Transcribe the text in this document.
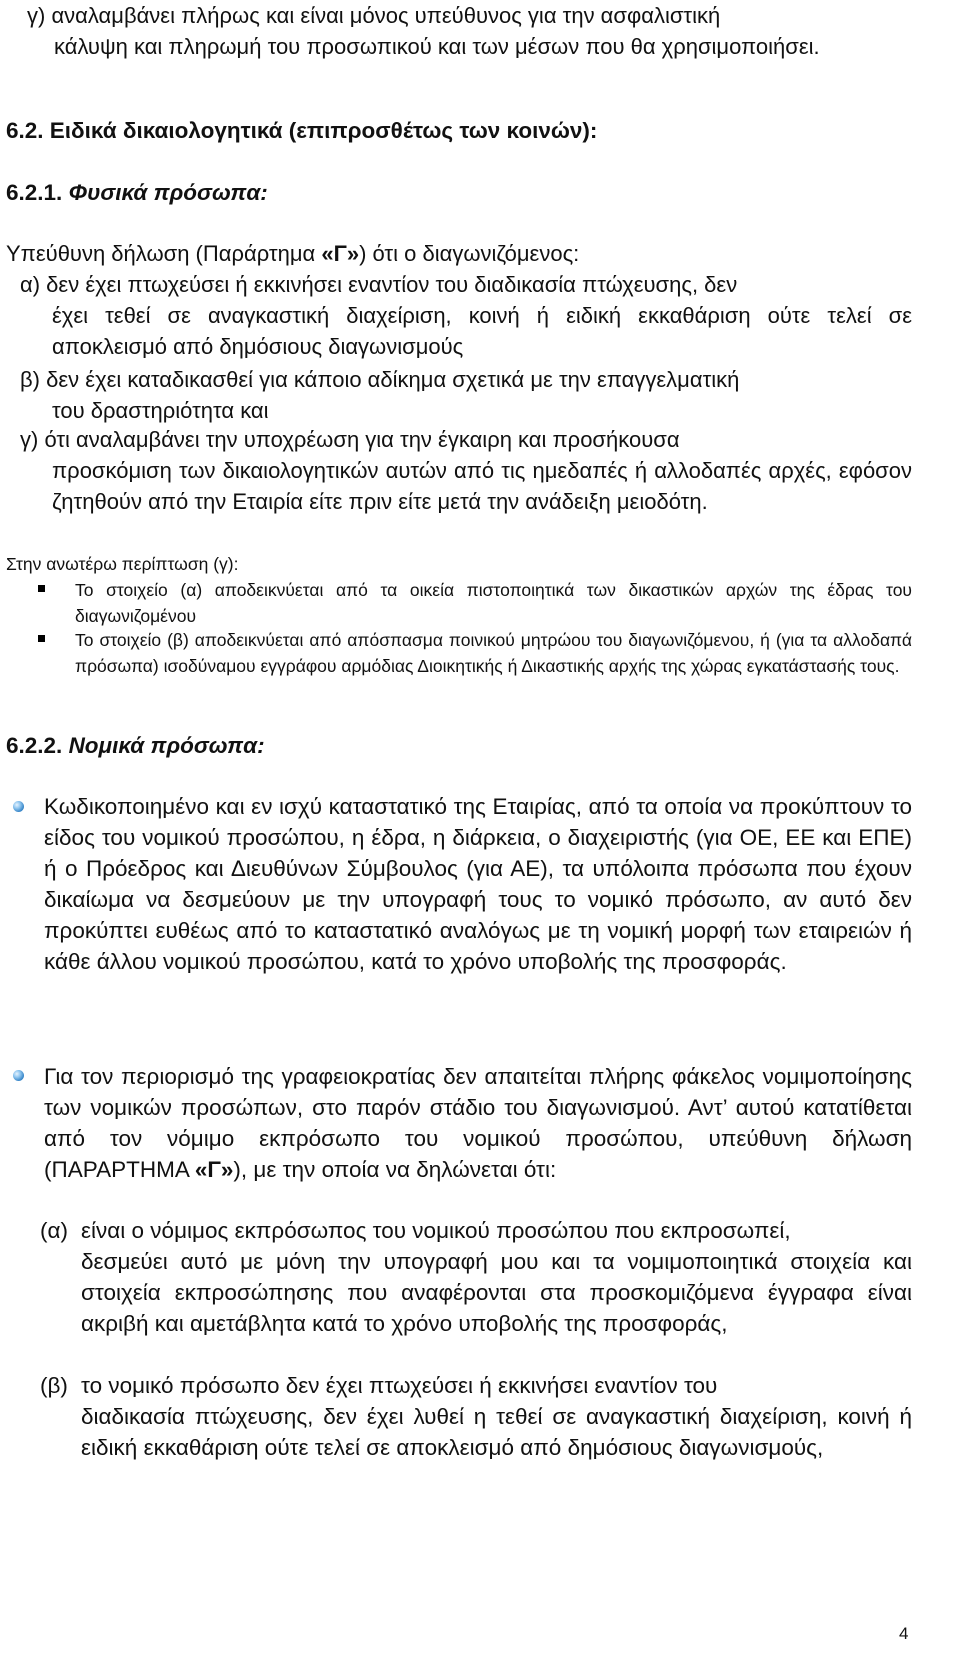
γ) αναλαμβάνει πλήρως και είναι μόνος υπεύθυνος για την ασφαλιστική

κάλυψη και πληρωμή του προσωπικού και των μέσων που θα χρησιμοποιήσει.

6.2. Ειδικά δικαιολογητικά (επιπροσθέτως των κοινών):

6.2.1. Φυσικά πρόσωπα:

Υπεύθυνη δήλωση (Παράρτημα «Γ») ότι ο διαγωνιζόμενος:

α) δεν έχει πτωχεύσει ή εκκινήσει εναντίον του διαδικασία πτώχευσης, δεν

έχει τεθεί σε αναγκαστική διαχείριση, κοινή ή ειδική εκκαθάριση ούτε τελεί σε αποκλεισμό από δημόσιους διαγωνισμούς

β) δεν έχει καταδικασθεί για κάποιο αδίκημα σχετικά με την επαγγελματική

του δραστηριότητα και

γ) ότι αναλαμβάνει την υποχρέωση για την έγκαιρη και προσήκουσα

προσκόμιση των δικαιολογητικών αυτών από τις ημεδαπές ή αλλοδαπές αρχές, εφόσον ζητηθούν από την Εταιρία είτε πριν είτε μετά την ανάδειξη μειοδότη.

Στην ανωτέρω περίπτωση (γ):

Το στοιχείο (α) αποδεικνύεται από τα οικεία πιστοποιητικά των δικαστικών αρχών της έδρας του διαγωνιζομένου

Το στοιχείο (β) αποδεικνύεται από απόσπασμα ποινικού μητρώου του διαγωνιζόμενου, ή (για τα αλλοδαπά πρόσωπα) ισοδύναμου εγγράφου αρμόδιας Διοικητικής ή Δικαστικής αρχής της χώρας εγκατάστασής τους.

6.2.2. Νομικά πρόσωπα:

Κωδικοποιημένο και εν ισχύ καταστατικό της Εταιρίας, από τα οποία να προκύπτουν το είδος του νομικού προσώπου, η έδρα, η διάρκεια, ο διαχειριστής (για ΟΕ, ΕΕ και ΕΠΕ) ή ο Πρόεδρος και Διευθύνων Σύμβουλος (για ΑΕ), τα υπόλοιπα πρόσωπα που έχουν δικαίωμα να δεσμεύουν με την υπογραφή τους το νομικό πρόσωπο, αν αυτό δεν προκύπτει ευθέως από το καταστατικό αναλόγως με τη νομική μορφή των εταιρειών ή κάθε άλλου νομικού προσώπου, κατά το χρόνο υποβολής της προσφοράς.

Για τον περιορισμό της γραφειοκρατίας δεν απαιτείται πλήρης φάκελος νομιμοποίησης των νομικών προσώπων, στο παρόν στάδιο του διαγωνισμού. Αντ’ αυτού κατατίθεται από τον νόμιμο εκπρόσωπο του νομικού προσώπου, υπεύθυνη δήλωση (ΠΑΡΑΡΤΗΜΑ «Γ»), με την οποία να δηλώνεται ότι:

(α) είναι ο νόμιμος εκπρόσωπος του νομικού προσώπου που εκπροσωπεί,

δεσμεύει αυτό με μόνη την υπογραφή μου και τα νομιμοποιητικά στοιχεία και στοιχεία εκπροσώπησης που αναφέρονται στα προσκομιζόμενα έγγραφα είναι ακριβή και αμετάβλητα κατά το χρόνο υποβολής της προσφοράς,

(β) το νομικό πρόσωπο δεν έχει πτωχεύσει ή εκκινήσει εναντίον του

διαδικασία πτώχευσης, δεν έχει λυθεί η τεθεί σε αναγκαστική διαχείριση, κοινή ή ειδική εκκαθάριση ούτε τελεί σε αποκλεισμό από δημόσιους διαγωνισμούς,

4
